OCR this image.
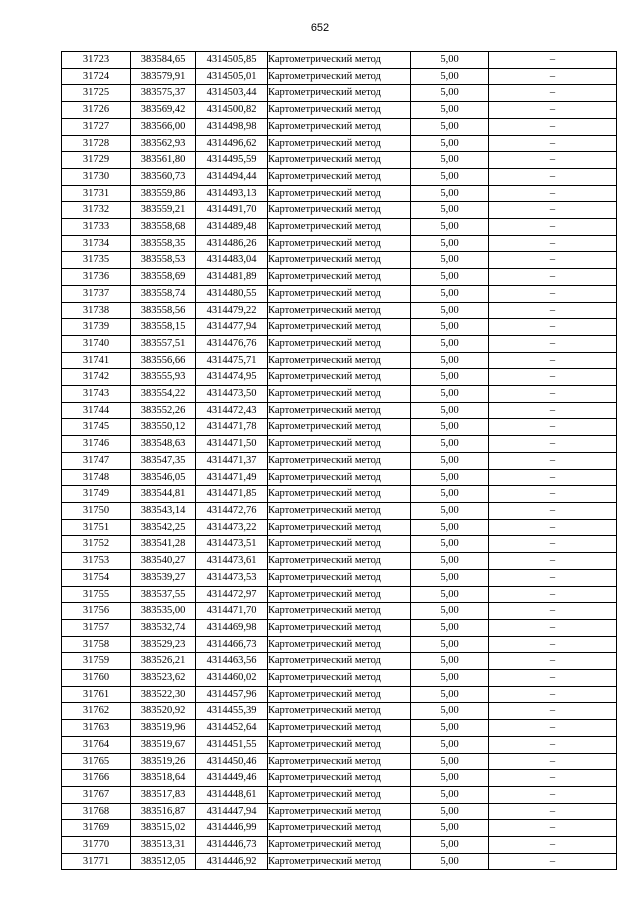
652
31723	383584,65	4314505,85	Картометрический метод	5,00	–
31724	383579,91	4314505,01	Картометрический метод	5,00	–
31725	383575,37	4314503,44	Картометрический метод	5,00	–
31726	383569,42	4314500,82	Картометрический метод	5,00	–
31727	383566,00	4314498,98	Картометрический метод	5,00	–
31728	383562,93	4314496,62	Картометрический метод	5,00	–
31729	383561,80	4314495,59	Картометрический метод	5,00	–
31730	383560,73	4314494,44	Картометрический метод	5,00	–
31731	383559,86	4314493,13	Картометрический метод	5,00	–
31732	383559,21	4314491,70	Картометрический метод	5,00	–
31733	383558,68	4314489,48	Картометрический метод	5,00	–
31734	383558,35	4314486,26	Картометрический метод	5,00	–
31735	383558,53	4314483,04	Картометрический метод	5,00	–
31736	383558,69	4314481,89	Картометрический метод	5,00	–
31737	383558,74	4314480,55	Картометрический метод	5,00	–
31738	383558,56	4314479,22	Картометрический метод	5,00	–
31739	383558,15	4314477,94	Картометрический метод	5,00	–
31740	383557,51	4314476,76	Картометрический метод	5,00	–
31741	383556,66	4314475,71	Картометрический метод	5,00	–
31742	383555,93	4314474,95	Картометрический метод	5,00	–
31743	383554,22	4314473,50	Картометрический метод	5,00	–
31744	383552,26	4314472,43	Картометрический метод	5,00	–
31745	383550,12	4314471,78	Картометрический метод	5,00	–
31746	383548,63	4314471,50	Картометрический метод	5,00	–
31747	383547,35	4314471,37	Картометрический метод	5,00	–
31748	383546,05	4314471,49	Картометрический метод	5,00	–
31749	383544,81	4314471,85	Картометрический метод	5,00	–
31750	383543,14	4314472,76	Картометрический метод	5,00	–
31751	383542,25	4314473,22	Картометрический метод	5,00	–
31752	383541,28	4314473,51	Картометрический метод	5,00	–
31753	383540,27	4314473,61	Картометрический метод	5,00	–
31754	383539,27	4314473,53	Картометрический метод	5,00	–
31755	383537,55	4314472,97	Картометрический метод	5,00	–
31756	383535,00	4314471,70	Картометрический метод	5,00	–
31757	383532,74	4314469,98	Картометрический метод	5,00	–
31758	383529,23	4314466,73	Картометрический метод	5,00	–
31759	383526,21	4314463,56	Картометрический метод	5,00	–
31760	383523,62	4314460,02	Картометрический метод	5,00	–
31761	383522,30	4314457,96	Картометрический метод	5,00	–
31762	383520,92	4314455,39	Картометрический метод	5,00	–
31763	383519,96	4314452,64	Картометрический метод	5,00	–
31764	383519,67	4314451,55	Картометрический метод	5,00	–
31765	383519,26	4314450,46	Картометрический метод	5,00	–
31766	383518,64	4314449,46	Картометрический метод	5,00	–
31767	383517,83	4314448,61	Картометрический метод	5,00	–
31768	383516,87	4314447,94	Картометрический метод	5,00	–
31769	383515,02	4314446,99	Картометрический метод	5,00	–
31770	383513,31	4314446,73	Картометрический метод	5,00	–
31771	383512,05	4314446,92	Картометрический метод	5,00	–
